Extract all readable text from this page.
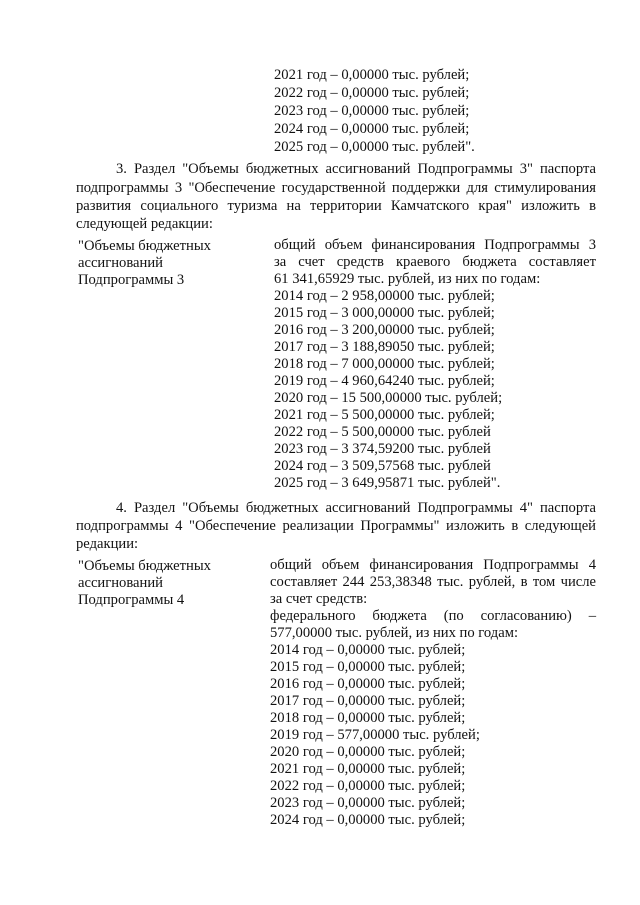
2021 год – 0,00000 тыс. рублей;
2022 год – 0,00000 тыс. рублей;
2023 год – 0,00000 тыс. рублей;
2024 год – 0,00000 тыс. рублей;
2025 год – 0,00000 тыс. рублей".
3. Раздел "Объемы бюджетных ассигнований Подпрограммы 3" паспорта
подпрограммы 3 "Обеспечение государственной поддержки для стимулирования
развития социального туризма на территории Камчатского края" изложить в
следующей редакции:
"Объемы бюджетных
ассигнований
Подпрограммы 3
общий объем финансирования Подпрограммы 3
за счет средств краевого бюджета составляет
61 341,65929 тыс. рублей, из них по годам:
2014 год – 2 958,00000 тыс. рублей;
2015 год – 3 000,00000 тыс. рублей;
2016 год – 3 200,00000 тыс. рублей;
2017 год – 3 188,89050 тыс. рублей;
2018 год – 7 000,00000 тыс. рублей;
2019 год – 4 960,64240 тыс. рублей;
2020 год – 15 500,00000 тыс. рублей;
2021 год – 5 500,00000 тыс. рублей;
2022 год – 5 500,00000 тыс. рублей
2023 год – 3 374,59200 тыс. рублей
2024 год – 3 509,57568 тыс. рублей
2025 год – 3 649,95871 тыс. рублей".
4. Раздел "Объемы бюджетных ассигнований Подпрограммы 4" паспорта
подпрограммы 4 "Обеспечение реализации Программы" изложить в следующей
редакции:
"Объемы бюджетных
ассигнований
Подпрограммы 4
общий объем финансирования Подпрограммы 4
составляет 244 253,38348 тыс. рублей, в том числе
за счет средств:
федерального бюджета (по согласованию) –
577,00000 тыс. рублей, из них по годам:
2014 год – 0,00000 тыс. рублей;
2015 год – 0,00000 тыс. рублей;
2016 год – 0,00000 тыс. рублей;
2017 год – 0,00000 тыс. рублей;
2018 год – 0,00000 тыс. рублей;
2019 год – 577,00000 тыс. рублей;
2020 год – 0,00000 тыс. рублей;
2021 год – 0,00000 тыс. рублей;
2022 год – 0,00000 тыс. рублей;
2023 год – 0,00000 тыс. рублей;
2024 год – 0,00000 тыс. рублей;
